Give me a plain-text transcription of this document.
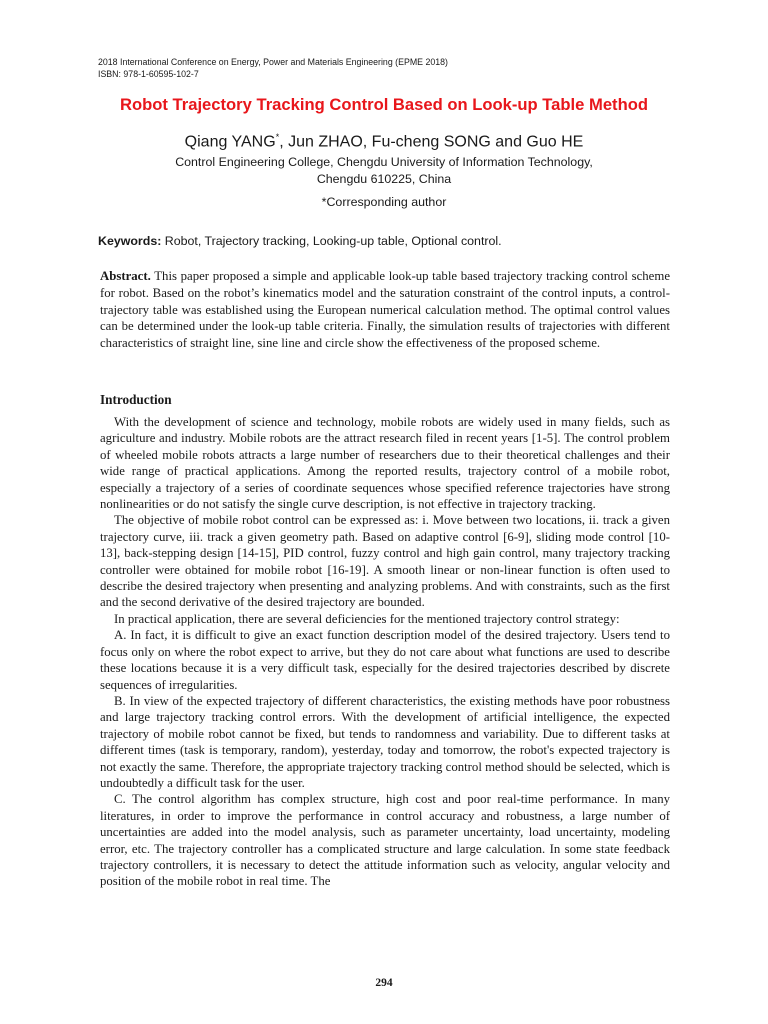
2018 International Conference on Energy, Power and Materials Engineering (EPME 2018)
ISBN: 978-1-60595-102-7
Robot Trajectory Tracking Control Based on Look-up Table Method
Qiang YANG*, Jun ZHAO, Fu-cheng SONG and Guo HE
Control Engineering College, Chengdu University of Information Technology,
Chengdu 610225, China
*Corresponding author
Keywords: Robot, Trajectory tracking, Looking-up table, Optional control.
Abstract. This paper proposed a simple and applicable look-up table based trajectory tracking control scheme for robot. Based on the robot’s kinematics model and the saturation constraint of the control inputs, a control-trajectory table was established using the European numerical calculation method. The optimal control values can be determined under the look-up table criteria. Finally, the simulation results of trajectories with different characteristics of straight line, sine line and circle show the effectiveness of the proposed scheme.
Introduction

With the development of science and technology, mobile robots are widely used in many fields, such as agriculture and industry. Mobile robots are the attract research filed in recent years [1-5]. The control problem of wheeled mobile robots attracts a large number of researchers due to their theoretical challenges and their wide range of practical applications. Among the reported results, trajectory control of a mobile robot, especially a trajectory of a series of coordinate sequences whose specified reference trajectories have strong nonlinearities or do not satisfy the single curve description, is not effective in trajectory tracking.

The objective of mobile robot control can be expressed as: i. Move between two locations, ii. track a given trajectory curve, iii. track a given geometry path. Based on adaptive control [6-9], sliding mode control [10-13], back-stepping design [14-15], PID control, fuzzy control and high gain control, many trajectory tracking controller were obtained for mobile robot [16-19]. A smooth linear or non-linear function is often used to describe the desired trajectory when presenting and analyzing problems. And with constraints, such as the first and the second derivative of the desired trajectory are bounded.

In practical application, there are several deficiencies for the mentioned trajectory control strategy:

A. In fact, it is difficult to give an exact function description model of the desired trajectory. Users tend to focus only on where the robot expect to arrive, but they do not care about what functions are used to describe these locations because it is a very difficult task, especially for the desired trajectories described by discrete sequences of irregularities.

B. In view of the expected trajectory of different characteristics, the existing methods have poor robustness and large trajectory tracking control errors. With the development of artificial intelligence, the expected trajectory of mobile robot cannot be fixed, but tends to randomness and variability. Due to different tasks at different times (task is temporary, random), yesterday, today and tomorrow, the robot's expected trajectory is not exactly the same. Therefore, the appropriate trajectory tracking control method should be selected, which is undoubtedly a difficult task for the user.

C. The control algorithm has complex structure, high cost and poor real-time performance. In many literatures, in order to improve the performance in control accuracy and robustness, a large number of uncertainties are added into the model analysis, such as parameter uncertainty, load uncertainty, modeling error, etc. The trajectory controller has a complicated structure and large calculation. In some state feedback trajectory controllers, it is necessary to detect the attitude information such as velocity, angular velocity and position of the mobile robot in real time. The

294
